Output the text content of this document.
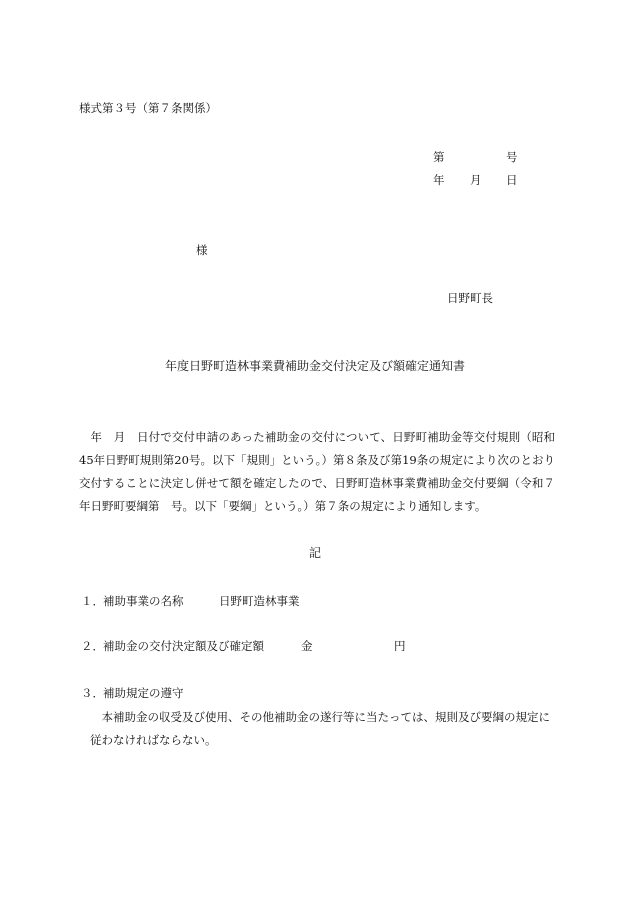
様式第３号（第７条関係）
第	号
年 月 日
様
日野町長
年度日野町造林事業費補助金交付決定及び額確定通知書
年　月　日付で交付申請のあった補助金の交付について、日野町補助金等交付規則（昭和45年日野町規則第20号。以下「規則」という。）第８条及び第19条の規定により次のとおり交付することに決定し併せて額を確定したので、日野町造林事業費補助金交付要綱（令和７年日野町要綱第　号。以下「要綱」という。）第７条の規定により通知します。
記
１． 補助事業の名称	日野町造林事業
２． 補助金の交付決定額及び確定額	金	円
３． 補助規定の遵守
本補助金の収受及び使用、その他補助金の遂行等に当たっては、規則及び要綱の規定に従わなければならない。
